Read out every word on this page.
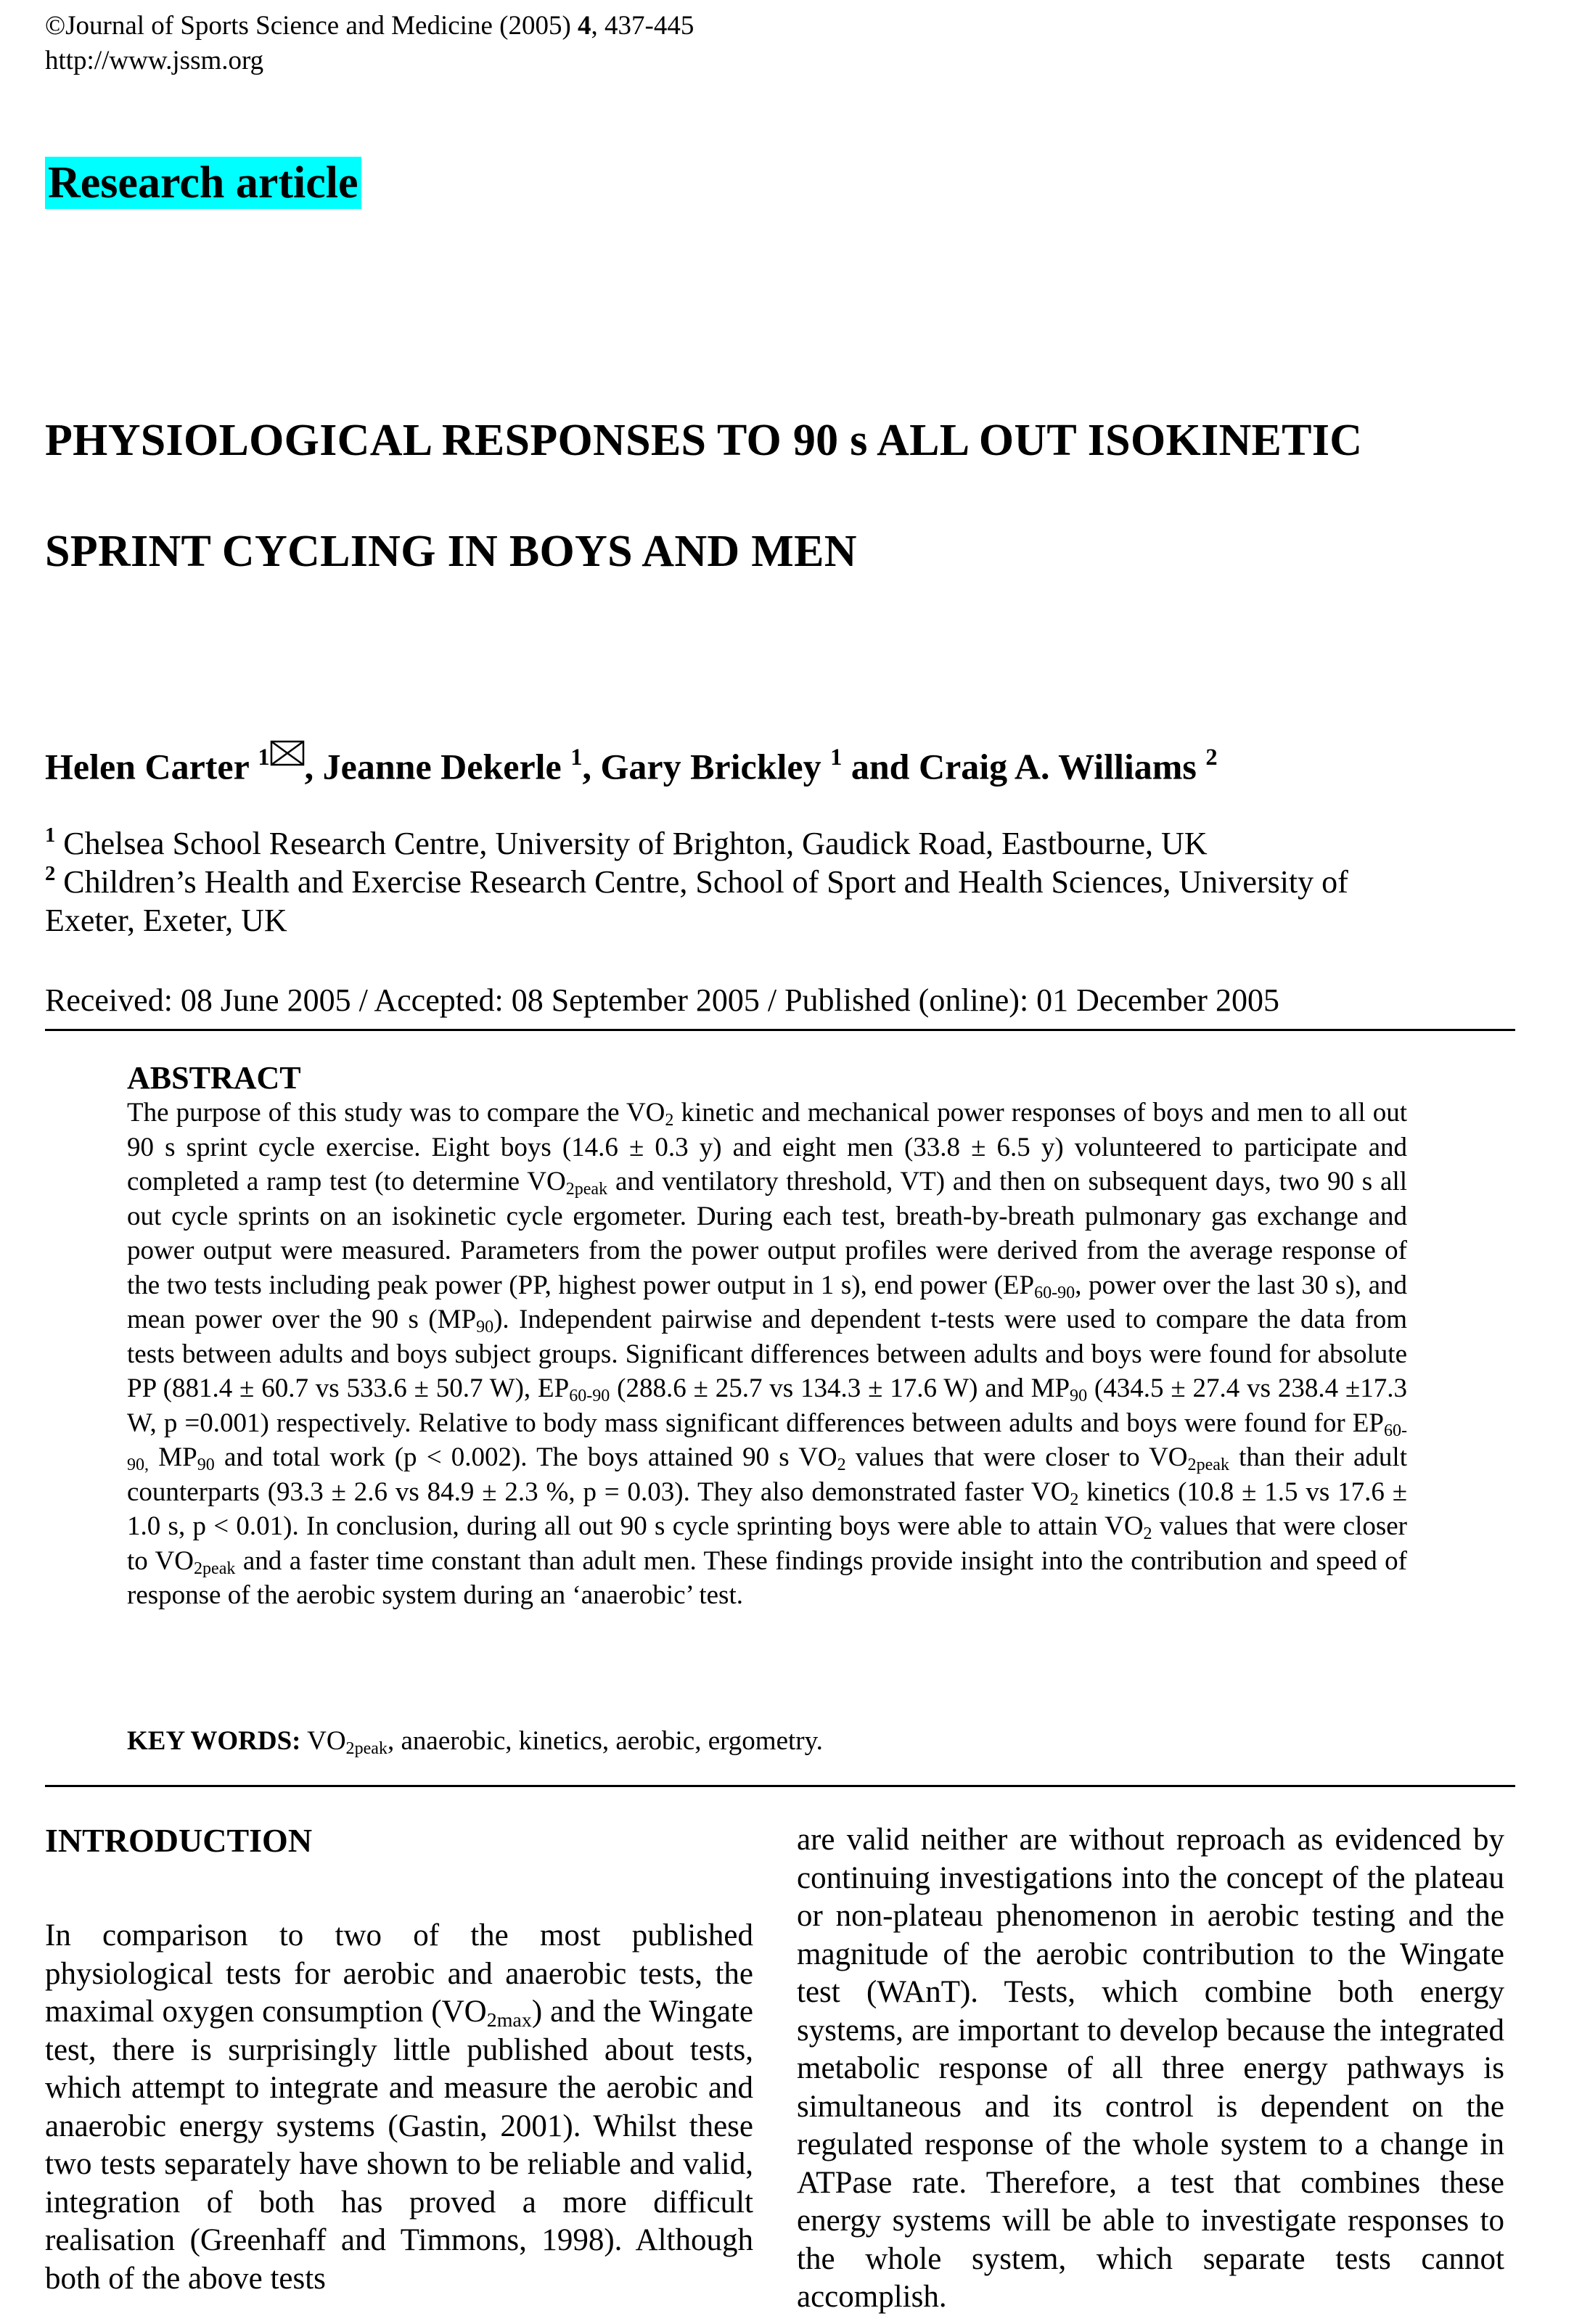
©Journal of Sports Science and Medicine (2005) 4, 437-445
http://www.jssm.org
Research article
PHYSIOLOGICAL RESPONSES TO 90 s ALL OUT ISOKINETIC
SPRINT CYCLING IN BOYS AND MEN
Helen Carter $^1$ , Jeanne Dekerle $^1$, Gary Brickley $^1$ and Craig A. Williams $^2$
$^1$ Chelsea School Research Centre, University of Brighton, Gaudick Road, Eastbourne, UK
$^2$ Children’s Health and Exercise Research Centre, School of Sport and Health Sciences, University of Exeter, Exeter, UK
Received: 08 June 2005 / Accepted: 08 September 2005 / Published (online): 01 December 2005
ABSTRACT

The purpose of this study was to compare the $VO_2$ kinetic and mechanical power responses of boys and men to all out 90 s sprint cycle exercise. Eight boys (14.6 ± 0.3 y) and eight men (33.8 ± 6.5 y) volunteered to participate and completed a ramp test (to determine $VO_{2peak}$ and ventilatory threshold, VT) and then on subsequent days, two 90 s all out cycle sprints on an isokinetic cycle ergometer. During each test, breath-by-breath pulmonary gas exchange and power output were measured. Parameters from the power output profiles were derived from the average response of the two tests including peak power (PP, highest power output in 1 s), end power ($EP_{60-90}$, power over the last 30 s), and mean power over the 90 s $(MP_{90})$. Independent pairwise and dependent t-tests were used to compare the data from tests between adults and boys subject groups. Significant differences between adults and boys were found for absolute PP (881.4 ± 60.7 vs 533.6 ± 50.7 W), $EP_{60-90}$ (288.6 ± 25.7 vs 134.3 ± 17.6 W) and $MP_{90}$ (434.5 ± 27.4 vs 238.4 ±17.3 W, p =0.001) respectively. Relative to body mass significant differences between adults and boys were found for $EP_{60-90,}$ $MP_{90}$ and total work (p < 0.002). The boys attained 90 s $VO_2$ values that were closer to $VO_{2peak}$ than their adult counterparts (93.3 ± 2.6 vs 84.9 ± 2.3 %, p = 0.03). They also demonstrated faster $VO_2$ kinetics (10.8 ± 1.5 vs 17.6 ± 1.0 s, p < 0.01). In conclusion, during all out 90 s cycle sprinting boys were able to attain $VO_2$ values that were closer to $VO_{2peak}$ and a faster time constant than adult men. These findings provide insight into the contribution and speed of response of the aerobic system during an ‘anaerobic’ test.

KEY WORDS: $VO_{2peak}$, anaerobic, kinetics, aerobic, ergometry.
INTRODUCTION

In comparison to two of the most published physiological tests for aerobic and anaerobic tests, the maximal oxygen consumption $(VO_{2max})$ and the Wingate test, there is surprisingly little published about tests, which attempt to integrate and measure the aerobic and anaerobic energy systems (Gastin, 2001). Whilst these two tests separately have shown to be reliable and valid, integration of both has proved a more difficult realisation (Greenhaff and Timmons, 1998). Although both of the above tests

are valid neither are without reproach as evidenced by continuing investigations into the concept of the plateau or non-plateau phenomenon in aerobic testing and the magnitude of the aerobic contribution to the Wingate test (WAnT). Tests, which combine both energy systems, are important to develop because the integrated metabolic response of all three energy pathways is simultaneous and its control is dependent on the regulated response of the whole system to a change in ATPase rate. Therefore, a test that combines these energy systems will be able to investigate responses to the whole system, which separate tests cannot accomplish.
